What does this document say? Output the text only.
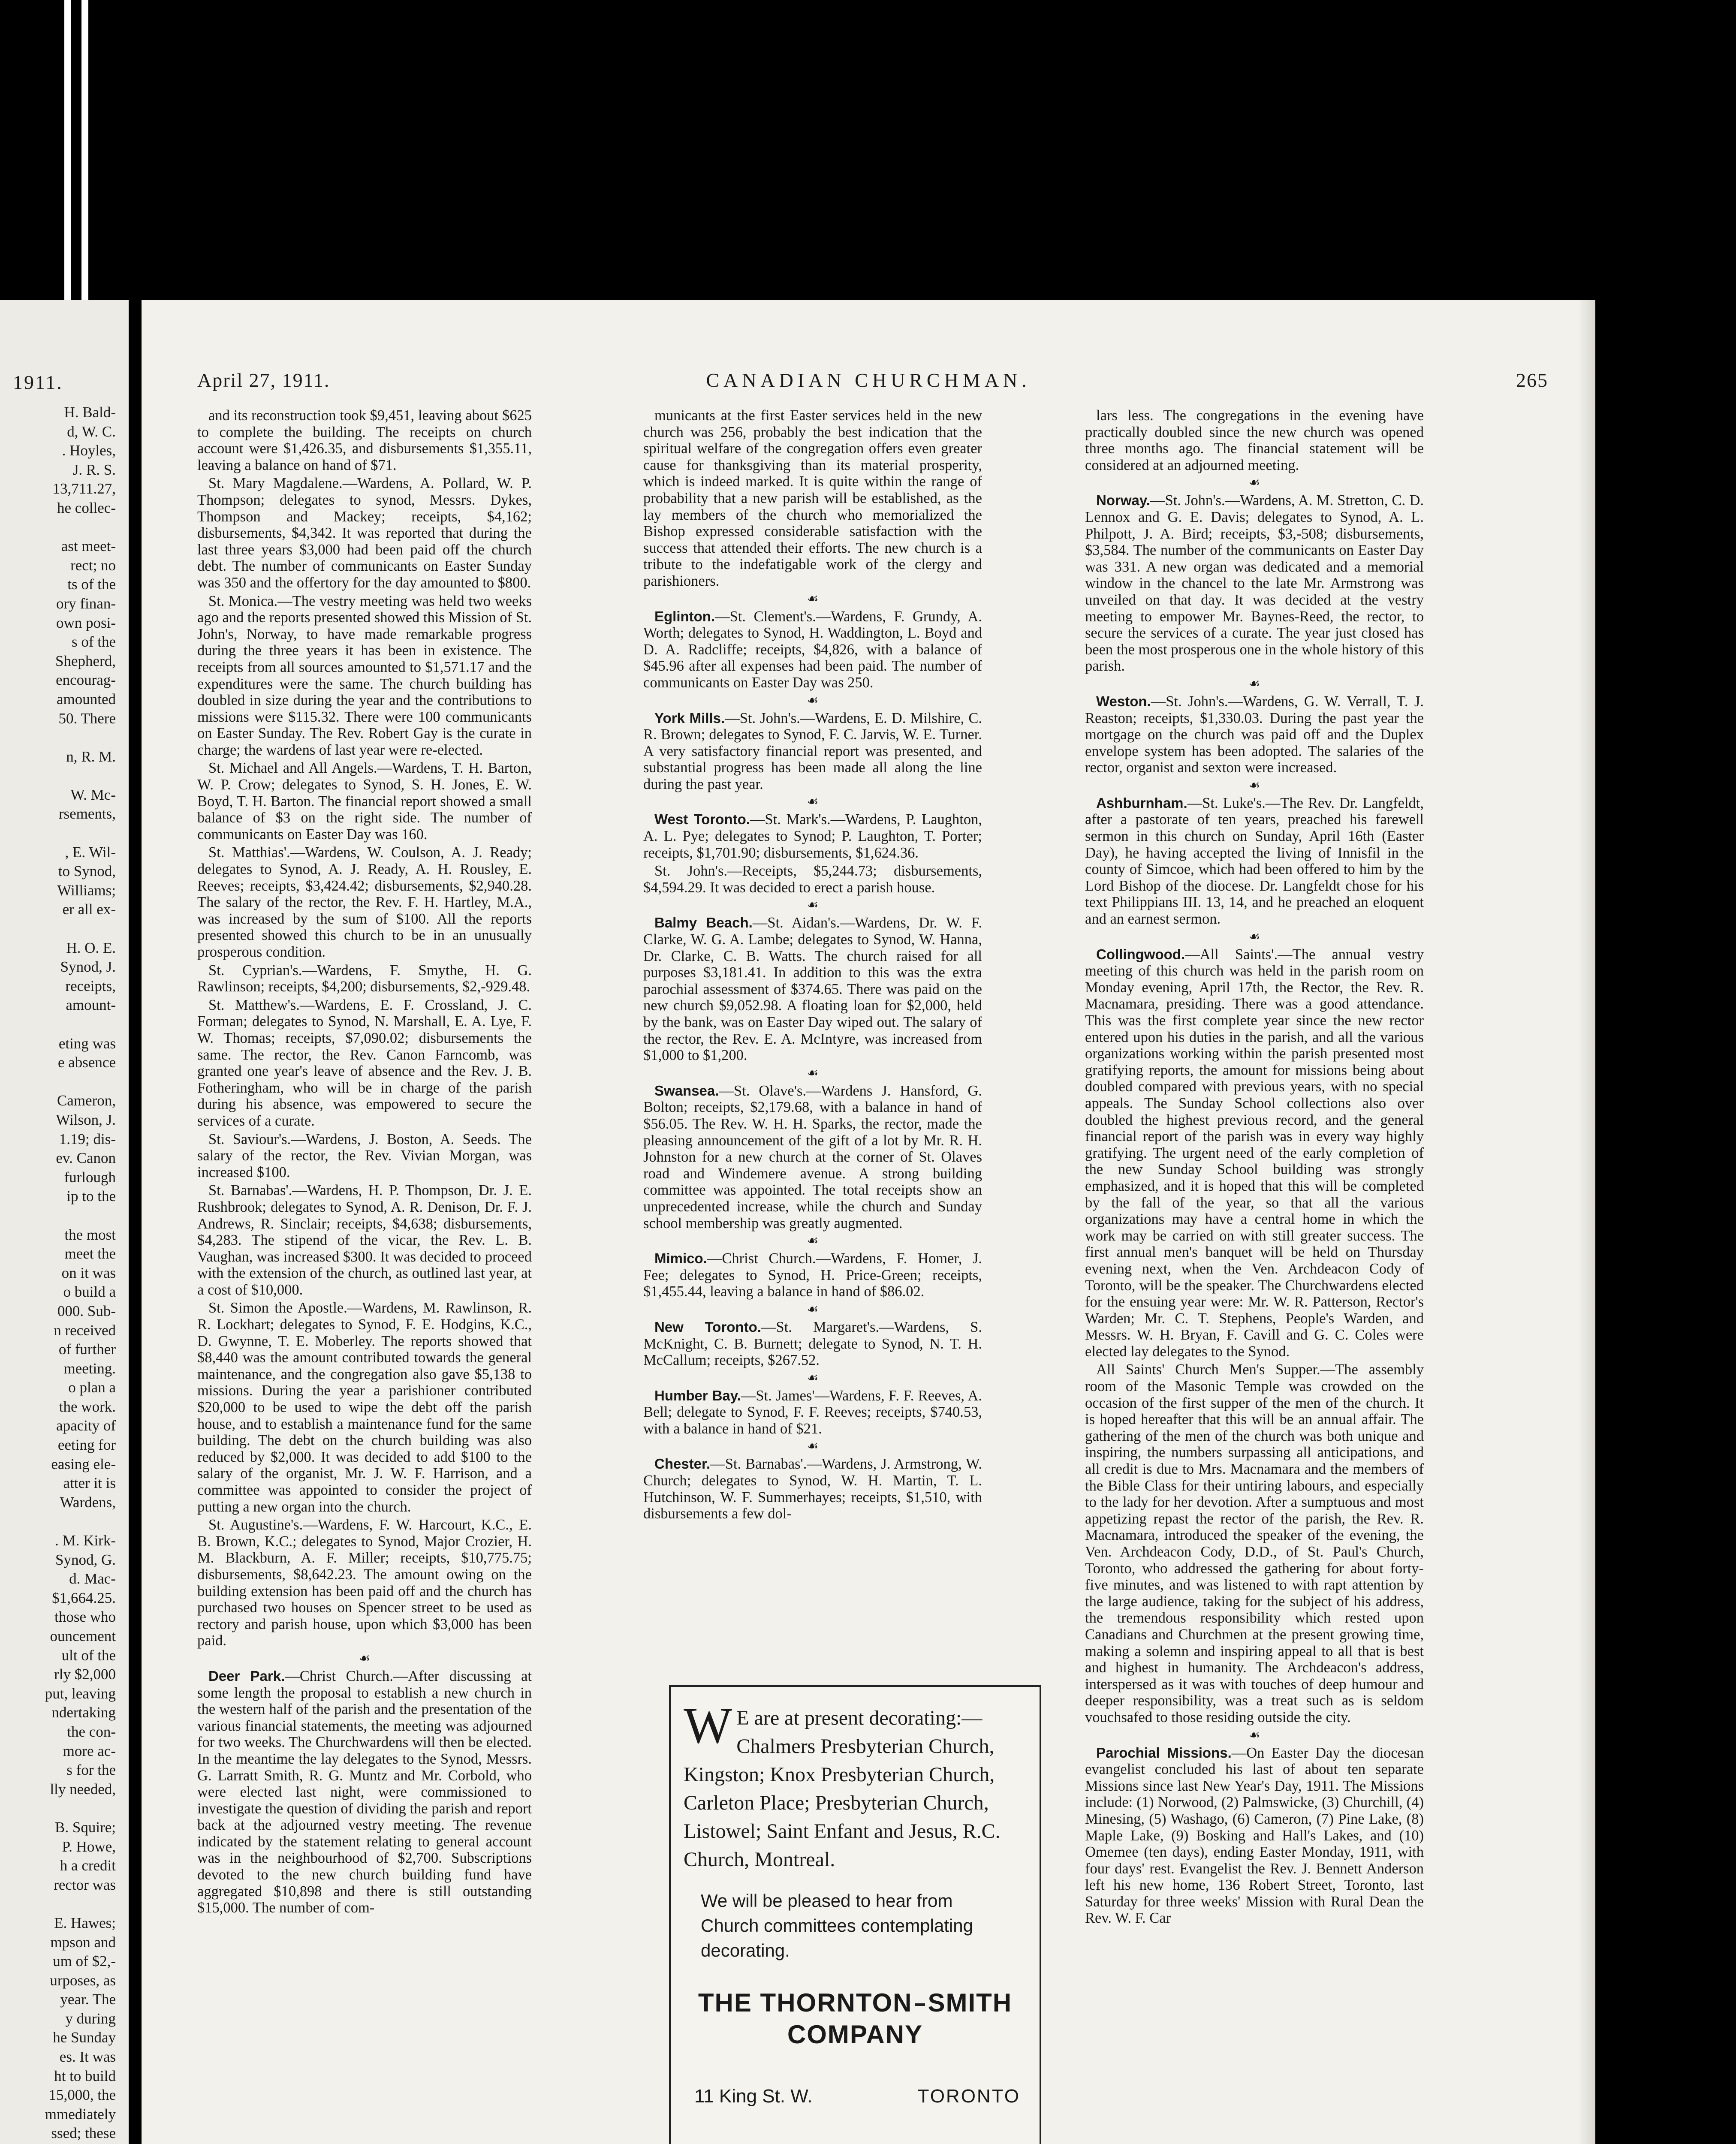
1911.
H. Bald-
d, W. C.
. Hoyles,
J. R. S.
13,711.27,
he collec-

ast meet-
rect; no
ts of the
ory finan-
own posi-
s of the
Shepherd,
encourag-
amounted
50. There

n, R. M.

W. Mc-
rsements,

, E. Wil-
to Synod,
Williams;
er all ex-

H. O. E.
Synod, J.
receipts,
amount-

eting was
e absence

Cameron,
Wilson, J.
1.19; dis-
ev. Canon
furlough
ip to the

the most
meet the
on it was
o build a
000. Sub-
n received
of further
meeting.
o plan a
the work.
apacity of
eeting for
easing ele-
atter it is
Wardens,

. M. Kirk-
Synod, G.
d. Mac-
$1,664.25.
those who
ouncement
ult of the
rly $2,000
put, leaving
ndertaking
the con-
more ac-
s for the
lly needed,

B. Squire;
P. Howe,
h a credit
rector was

E. Hawes;
mpson and
um of $2,-
urposes, as
year. The
y during
he Sunday
es. It was
ht to build
15,000, the
mmediately
ssed; these

April 27, 1911.	CANADIAN CHURCHMAN.	265

and its reconstruction took $9,451, leaving about $625 to complete the building. The receipts on church account were $1,426.35, and disbursements $1,355.11, leaving a balance on hand of $71.

St. Mary Magdalene.—Wardens, A. Pollard, W. P. Thompson; delegates to synod, Messrs. Dykes, Thompson and Mackey; receipts, $4,162; disbursements, $4,342. It was reported that during the last three years $3,000 had been paid off the church debt. The number of communicants on Easter Sunday was 350 and the offertory for the day amounted to $800.

St. Monica.—The vestry meeting was held two weeks ago and the reports presented showed this Mission of St. John's, Norway, to have made remarkable progress during the three years it has been in existence. The receipts from all sources amounted to $1,571.17 and the expenditures were the same. The church building has doubled in size during the year and the contributions to missions were $115.32. There were 100 communicants on Easter Sunday. The Rev. Robert Gay is the curate in charge; the wardens of last year were re-elected.

St. Michael and All Angels.—Wardens, T. H. Barton, W. P. Crow; delegates to Synod, S. H. Jones, E. W. Boyd, T. H. Barton. The financial report showed a small balance of $3 on the right side. The number of communicants on Easter Day was 160.

St. Matthias'.—Wardens, W. Coulson, A. J. Ready; delegates to Synod, A. J. Ready, A. H. Rousley, E. Reeves; receipts, $3,424.42; disbursements, $2,940.28. The salary of the rector, the Rev. F. H. Hartley, M.A., was increased by the sum of $100. All the reports presented showed this church to be in an unusually prosperous condition.

St. Cyprian's.—Wardens, F. Smythe, H. G. Rawlinson; receipts, $4,200; disbursements, $2,-929.48.

St. Matthew's.—Wardens, E. F. Crossland, J. C. Forman; delegates to Synod, N. Marshall, E. A. Lye, F. W. Thomas; receipts, $7,090.02; disbursements the same. The rector, the Rev. Canon Farncomb, was granted one year's leave of absence and the Rev. J. B. Fotheringham, who will be in charge of the parish during his absence, was empowered to secure the services of a curate.

St. Saviour's.—Wardens, J. Boston, A. Seeds. The salary of the rector, the Rev. Vivian Morgan, was increased $100.

St. Barnabas'.—Wardens, H. P. Thompson, Dr. J. E. Rushbrook; delegates to Synod, A. R. Denison, Dr. F. J. Andrews, R. Sinclair; receipts, $4,638; disbursements, $4,283. The stipend of the vicar, the Rev. L. B. Vaughan, was increased $300. It was decided to proceed with the extension of the church, as outlined last year, at a cost of $10,000.

St. Simon the Apostle.—Wardens, M. Rawlinson, R. R. Lockhart; delegates to Synod, F. E. Hodgins, K.C., D. Gwynne, T. E. Moberley. The reports showed that $8,440 was the amount contributed towards the general maintenance, and the congregation also gave $5,138 to missions. During the year a parishioner contributed $20,000 to be used to wipe the debt off the parish house, and to establish a maintenance fund for the same building. The debt on the church building was also reduced by $2,000. It was decided to add $100 to the salary of the organist, Mr. J. W. F. Harrison, and a committee was appointed to consider the project of putting a new organ into the church.

St. Augustine's.—Wardens, F. W. Harcourt, K.C., E. B. Brown, K.C.; delegates to Synod, Major Crozier, H. M. Blackburn, A. F. Miller; receipts, $10,775.75; disbursements, $8,642.23. The amount owing on the building extension has been paid off and the church has purchased two houses on Spencer street to be used as rectory and parish house, upon which $3,000 has been paid.

☙

Deer Park.—Christ Church.—After discussing at some length the proposal to establish a new church in the western half of the parish and the presentation of the various financial statements, the meeting was adjourned for two weeks. The Churchwardens will then be elected. In the meantime the lay delegates to the Synod, Messrs. G. Larratt Smith, R. G. Muntz and Mr. Corbold, who were elected last night, were commissioned to investigate the question of dividing the parish and report back at the adjourned vestry meeting. The revenue indicated by the statement relating to general account was in the neighbourhood of $2,700. Subscriptions devoted to the new church building fund have aggregated $10,898 and there is still outstanding $15,000. The number of com-

municants at the first Easter services held in the new church was 256, probably the best indication that the spiritual welfare of the congregation offers even greater cause for thanksgiving than its material prosperity, which is indeed marked. It is quite within the range of probability that a new parish will be established, as the lay members of the church who memorialized the Bishop expressed considerable satisfaction with the success that attended their efforts. The new church is a tribute to the indefatigable work of the clergy and parishioners.

☙

Eglinton.—St. Clement's.—Wardens, F. Grundy, A. Worth; delegates to Synod, H. Waddington, L. Boyd and D. A. Radcliffe; receipts, $4,826, with a balance of $45.96 after all expenses had been paid. The number of communicants on Easter Day was 250.

☙

York Mills.—St. John's.—Wardens, E. D. Milshire, C. R. Brown; delegates to Synod, F. C. Jarvis, W. E. Turner. A very satisfactory financial report was presented, and substantial progress has been made all along the line during the past year.

☙

West Toronto.—St. Mark's.—Wardens, P. Laughton, A. L. Pye; delegates to Synod; P. Laughton, T. Porter; receipts, $1,701.90; disbursements, $1,624.36.

St. John's.—Receipts, $5,244.73; disbursements, $4,594.29. It was decided to erect a parish house.

☙

Balmy Beach.—St. Aidan's.—Wardens, Dr. W. F. Clarke, W. G. A. Lambe; delegates to Synod, W. Hanna, Dr. Clarke, C. B. Watts. The church raised for all purposes $3,181.41. In addition to this was the extra parochial assessment of $374.65. There was paid on the new church $9,052.98. A floating loan for $2,000, held by the bank, was on Easter Day wiped out. The salary of the rector, the Rev. E. A. McIntyre, was increased from $1,000 to $1,200.

☙

Swansea.—St. Olave's.—Wardens J. Hansford, G. Bolton; receipts, $2,179.68, with a balance in hand of $56.05. The Rev. W. H. H. Sparks, the rector, made the pleasing announcement of the gift of a lot by Mr. R. H. Johnston for a new church at the corner of St. Olaves road and Windemere avenue. A strong building committee was appointed. The total receipts show an unprecedented increase, while the church and Sunday school membership was greatly augmented.

☙

Mimico.—Christ Church.—Wardens, F. Homer, J. Fee; delegates to Synod, H. Price-Green; receipts, $1,455.44, leaving a balance in hand of $86.02.

☙

New Toronto.—St. Margaret's.—Wardens, S. McKnight, C. B. Burnett; delegate to Synod, N. T. H. McCallum; receipts, $267.52.

☙

Humber Bay.—St. James'—Wardens, F. F. Reeves, A. Bell; delegate to Synod, F. F. Reeves; receipts, $740.53, with a balance in hand of $21.

☙

Chester.—St. Barnabas'.—Wardens, J. Armstrong, W. Church; delegates to Synod, W. H. Martin, T. L. Hutchinson, W. F. Summerhayes; receipts, $1,510, with disbursements a few dol-

lars less. The congregations in the evening have practically doubled since the new church was opened three months ago. The financial statement will be considered at an adjourned meeting.

☙

Norway.—St. John's.—Wardens, A. M. Stretton, C. D. Lennox and G. E. Davis; delegates to Synod, A. L. Philpott, J. A. Bird; receipts, $3,-508; disbursements, $3,584. The number of the communicants on Easter Day was 331. A new organ was dedicated and a memorial window in the chancel to the late Mr. Armstrong was unveiled on that day. It was decided at the vestry meeting to empower Mr. Baynes-Reed, the rector, to secure the services of a curate. The year just closed has been the most prosperous one in the whole history of this parish.

☙

Weston.—St. John's.—Wardens, G. W. Verrall, T. J. Reaston; receipts, $1,330.03. During the past year the mortgage on the church was paid off and the Duplex envelope system has been adopted. The salaries of the rector, organist and sexton were increased.

☙

Ashburnham.—St. Luke's.—The Rev. Dr. Langfeldt, after a pastorate of ten years, preached his farewell sermon in this church on Sunday, April 16th (Easter Day), he having accepted the living of Innisfil in the county of Simcoe, which had been offered to him by the Lord Bishop of the diocese. Dr. Langfeldt chose for his text Philippians III. 13, 14, and he preached an eloquent and an earnest sermon.

☙

Collingwood.—All Saints'.—The annual vestry meeting of this church was held in the parish room on Monday evening, April 17th, the Rector, the Rev. R. Macnamara, presiding. There was a good attendance. This was the first complete year since the new rector entered upon his duties in the parish, and all the various organizations working within the parish presented most gratifying reports, the amount for missions being about doubled compared with previous years, with no special appeals. The Sunday School collections also over doubled the highest previous record, and the general financial report of the parish was in every way highly gratifying. The urgent need of the early completion of the new Sunday School building was strongly emphasized, and it is hoped that this will be completed by the fall of the year, so that all the various organizations may have a central home in which the work may be carried on with still greater success. The first annual men's banquet will be held on Thursday evening next, when the Ven. Archdeacon Cody of Toronto, will be the speaker. The Churchwardens elected for the ensuing year were: Mr. W. R. Patterson, Rector's Warden; Mr. C. T. Stephens, People's Warden, and Messrs. W. H. Bryan, F. Cavill and G. C. Coles were elected lay delegates to the Synod.

All Saints' Church Men's Supper.—The assembly room of the Masonic Temple was crowded on the occasion of the first supper of the men of the church. It is hoped hereafter that this will be an annual affair. The gathering of the men of the church was both unique and inspiring, the numbers surpassing all anticipations, and all credit is due to Mrs. Macnamara and the members of the Bible Class for their untiring labours, and especially to the lady for her devotion. After a sumptuous and most appetizing repast the rector of the parish, the Rev. R. Macnamara, introduced the speaker of the evening, the Ven. Archdeacon Cody, D.D., of St. Paul's Church, Toronto, who addressed the gathering for about forty-five minutes, and was listened to with rapt attention by the large audience, taking for the subject of his address, the tremendous responsibility which rested upon Canadians and Churchmen at the present growing time, making a solemn and inspiring appeal to all that is best and highest in humanity. The Archdeacon's address, interspersed as it was with touches of deep humour and deeper responsibility, was a treat such as is seldom vouchsafed to those residing outside the city.

☙

Parochial Missions.—On Easter Day the diocesan evangelist concluded his last of about ten separate Missions since last New Year's Day, 1911. The Missions include: (1) Norwood, (2) Palmswicke, (3) Churchill, (4) Minesing, (5) Washago, (6) Cameron, (7) Pine Lake, (8) Maple Lake, (9) Bosking and Hall's Lakes, and (10) Omemee (ten days), ending Easter Monday, 1911, with four days' rest. Evangelist the Rev. J. Bennett Anderson left his new home, 136 Robert Street, Toronto, last Saturday for three weeks' Mission with Rural Dean the Rev. W. F. Car

W E are at present decorating:— Chalmers Presbyterian Church, Kingston; Knox Presbyterian Church, Carleton Place; Presbyterian Church, Listowel; Saint Enfant and Jesus, R.C. Church, Montreal.
We will be pleased to hear from Church committees contemplating decorating.
THE THORNTON SMITH
COMPANY
11 King St. W.	TORONTO
